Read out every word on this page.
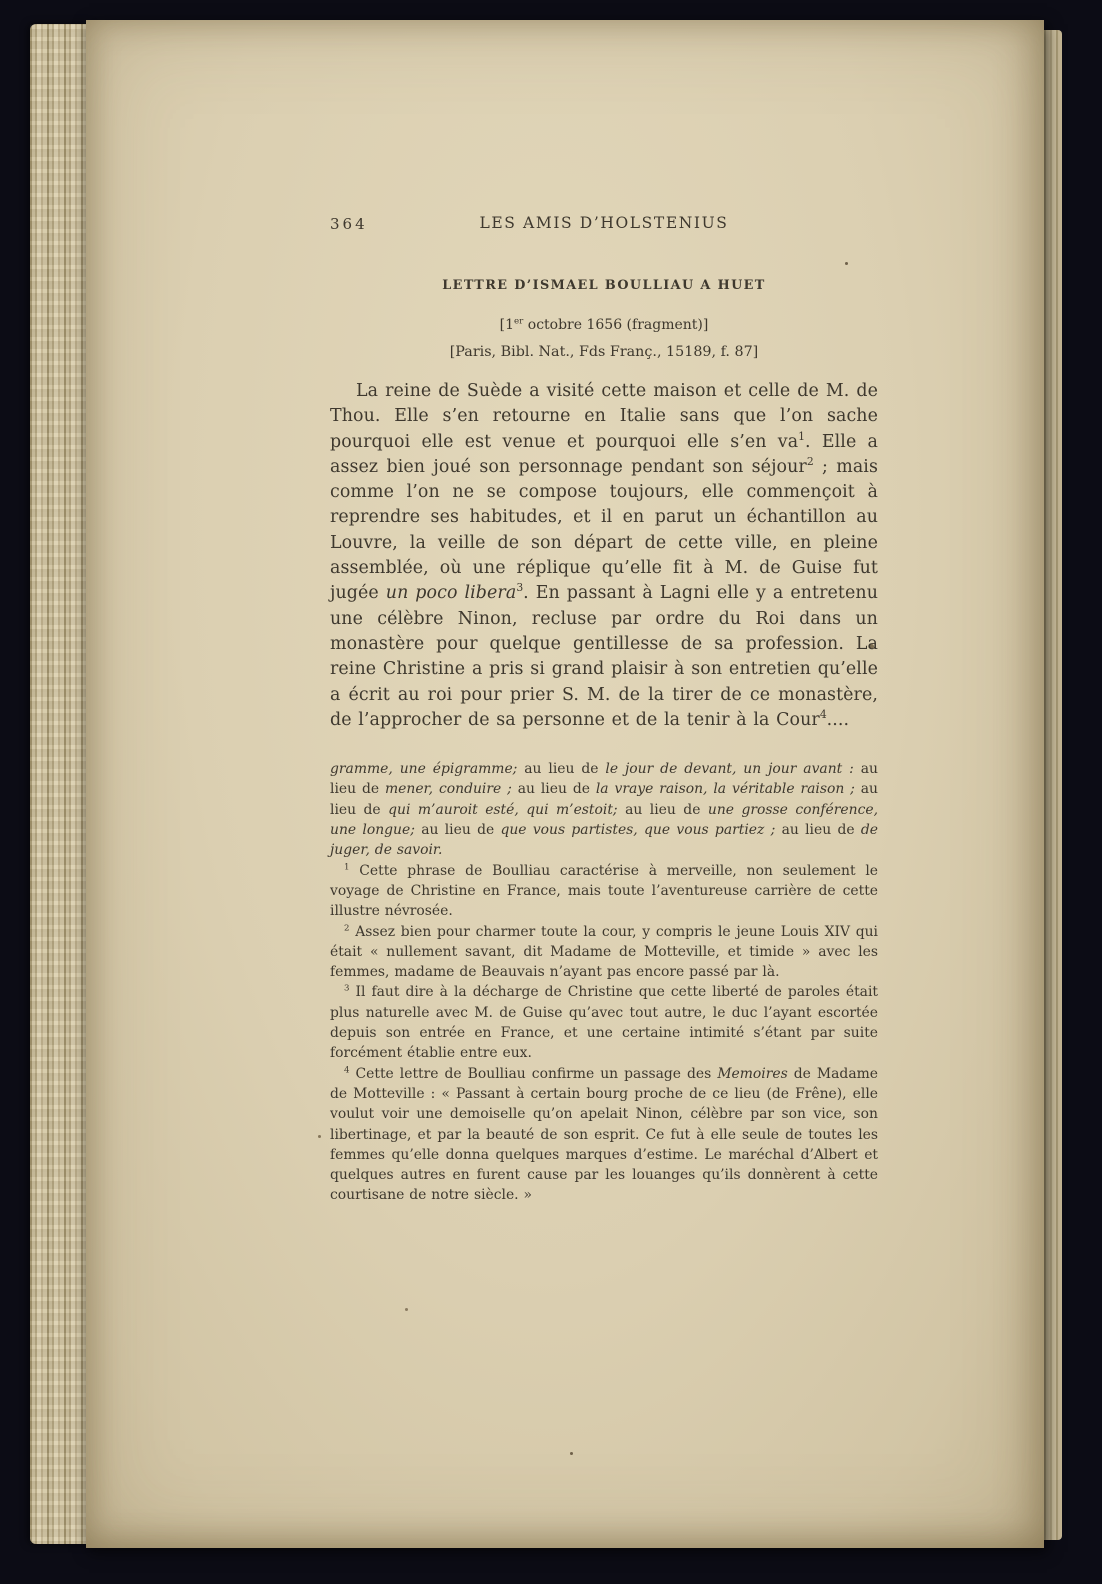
364	LES AMIS D’HOLSTENIUS
LETTRE D’ISMAEL BOULLIAU A HUET
[1er octobre 1656 (fragment)]
[Paris, Bibl. Nat., Fds Franç., 15189, f. 87]

La reine de Suède a visité cette maison et celle de M. de Thou. Elle s’en retourne en Italie sans que l’on sache pourquoi elle est venue et pourquoi elle s’en $va^1$. Elle a assez bien joué son personnage pendant son séjour$^2$ ; mais comme l’on ne se compose toujours, elle commençoit à reprendre ses habitudes, et il en parut un échantillon au Louvre, la veille de son départ de cette ville, en pleine assemblée, où une réplique qu’elle fit à M. de Guise fut jugée un poco libera$^3$. En passant à Lagni elle y a entretenu une célèbre Ninon, recluse par ordre du Roi dans un monastère pour quelque gentillesse de sa profession. La reine Christine a pris si grand plaisir à son entretien qu’elle a écrit au roi pour prier S. M. de la tirer de ce monastère, de l’approcher de sa personne et de la tenir à la Cour$^4$....

gramme, une épigramme; au lieu de le jour de devant, un jour avant : au lieu de mener, conduire ; au lieu de la vraye raison, la véritable raison ; au lieu de qui m’auroit esté, qui m’estoit; au lieu de une grosse conférence, une longue; au lieu de que vous partistes, que vous partiez ; au lieu de de juger, de savoir.

$^1$ Cette phrase de Boulliau caractérise à merveille, non seulement le voyage de Christine en France, mais toute l’aventureuse carrière de cette illustre névrosée.

$^2$ Assez bien pour charmer toute la cour, y compris le jeune Louis XIV qui était « nullement savant, dit Madame de Motteville, et timide » avec les femmes, madame de Beauvais n’ayant pas encore passé par là.

$^3$ Il faut dire à la décharge de Christine que cette liberté de paroles était plus naturelle avec M. de Guise qu’avec tout autre, le duc l’ayant escortée depuis son entrée en France, et une certaine intimité s’étant par suite forcément établie entre eux.

$^4$ Cette lettre de Boulliau confirme un passage des Memoires de Madame de Motteville : « Passant à certain bourg proche de ce lieu (de Frêne), elle voulut voir une demoiselle qu’on apelait Ninon, célèbre par son vice, son libertinage, et par la beauté de son esprit. Ce fut à elle seule de toutes les femmes qu’elle donna quelques marques d’estime. Le maréchal d’Albert et quelques autres en furent cause par les louanges qu’ils donnèrent à cette courtisane de notre siècle. »
